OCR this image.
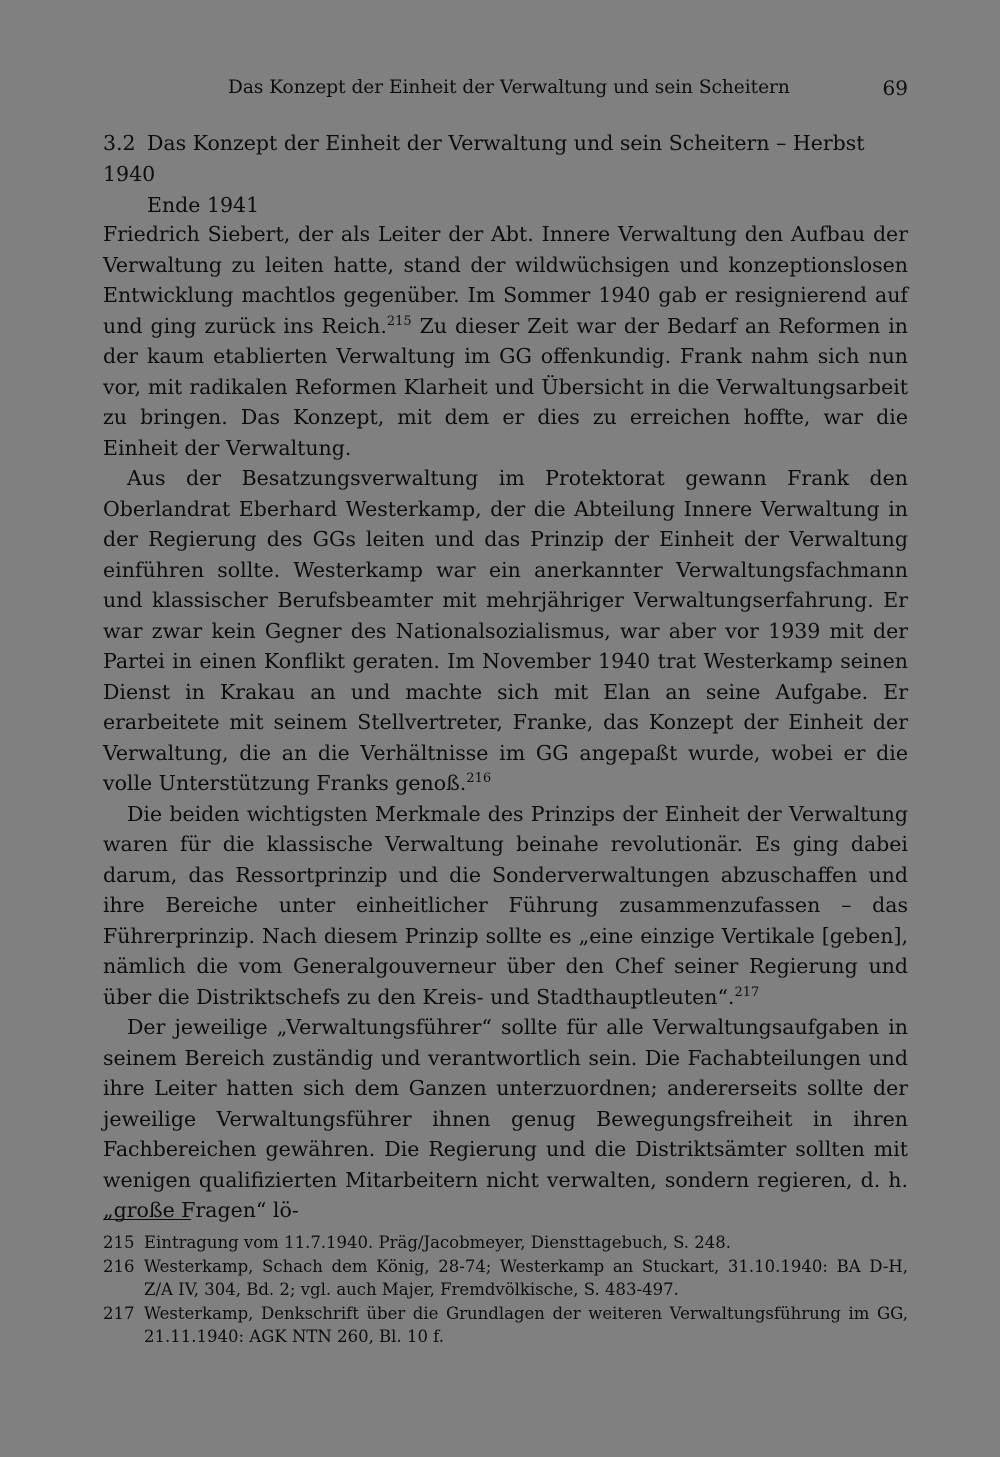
Das Konzept der Einheit der Verwaltung und sein Scheitern	69
3.2 Das Konzept der Einheit der Verwaltung und sein Scheitern – Herbst 1940
Ende 1941

Friedrich Siebert, der als Leiter der Abt. Innere Verwaltung den Aufbau der Verwaltung zu leiten hatte, stand der wildwüchsigen und konzeptionslosen Entwicklung machtlos gegenüber. Im Sommer 1940 gab er resignierend auf und ging zurück ins Reich.$^{215}$ Zu dieser Zeit war der Bedarf an Reformen in der kaum etablierten Verwaltung im GG offenkundig. Frank nahm sich nun vor, mit radikalen Reformen Klarheit und Übersicht in die Verwaltungsarbeit zu bringen. Das Konzept, mit dem er dies zu erreichen hoffte, war die Einheit der Verwaltung.

Aus der Besatzungsverwaltung im Protektorat gewann Frank den Oberlandrat Eberhard Westerkamp, der die Abteilung Innere Verwaltung in der Regierung des GGs leiten und das Prinzip der Einheit der Verwaltung einführen sollte. Westerkamp war ein anerkannter Verwaltungsfachmann und klassischer Berufsbeamter mit mehrjähriger Verwaltungserfahrung. Er war zwar kein Gegner des Nationalsozialismus, war aber vor 1939 mit der Partei in einen Konflikt geraten. Im November 1940 trat Westerkamp seinen Dienst in Krakau an und machte sich mit Elan an seine Aufgabe. Er erarbeitete mit seinem Stellvertreter, Franke, das Konzept der Einheit der Verwaltung, die an die Verhältnisse im GG angepaßt wurde, wobei er die volle Unterstützung Franks genoß.$^{216}$

Die beiden wichtigsten Merkmale des Prinzips der Einheit der Verwaltung waren für die klassische Verwaltung beinahe revolutionär. Es ging dabei darum, das Ressortprinzip und die Sonderverwaltungen abzuschaffen und ihre Bereiche unter einheitlicher Führung zusammenzufassen – das Führerprinzip. Nach diesem Prinzip sollte es „eine einzige Vertikale [geben], nämlich die vom Generalgouverneur über den Chef seiner Regierung und über die Distriktschefs zu den Kreis- und Stadthauptleuten“.$^{217}$

Der jeweilige „Verwaltungsführer“ sollte für alle Verwaltungsaufgaben in seinem Bereich zuständig und verantwortlich sein. Die Fachabteilungen und ihre Leiter hatten sich dem Ganzen unterzuordnen; andererseits sollte der jeweilige Verwaltungsführer ihnen genug Bewegungsfreiheit in ihren Fachbereichen gewähren. Die Regierung und die Distriktsämter sollten mit wenigen qualifizierten Mitarbeitern nicht verwalten, sondern regieren, d. h. „große Fragen“ lö-

215 Eintragung vom 11.7.1940. Präg/Jacobmeyer, Diensttagebuch, S. 248.
216 Westerkamp, Schach dem König, 28-74; Westerkamp an Stuckart, 31.10.1940: BA D-H, Z/A IV, 304, Bd. 2; vgl. auch Majer, Fremdvölkische, S. 483-497.
217 Westerkamp, Denkschrift über die Grundlagen der weiteren Verwaltungsführung im GG, 21.11.1940: AGK NTN 260, Bl. 10 f.
